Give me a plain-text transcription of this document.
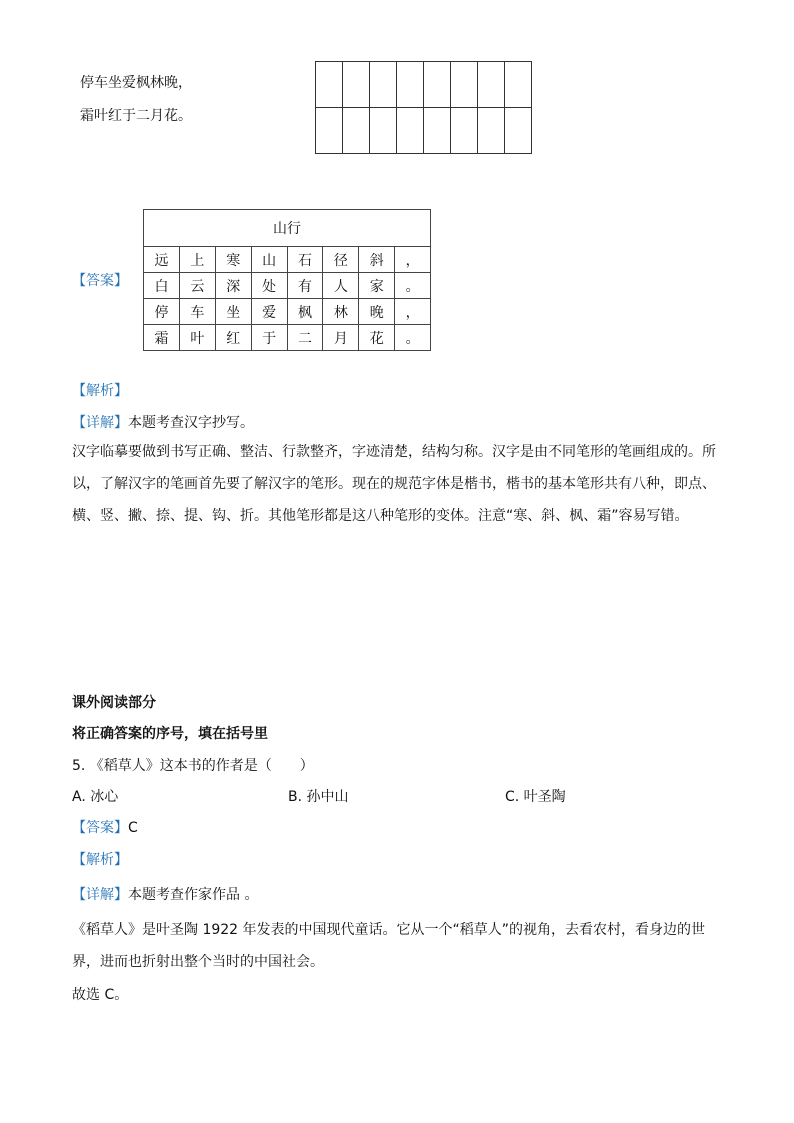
停车坐爱枫林晚，
霜叶红于二月花。

【答案】
山行							
远	上	寒	山	石	径	斜	，
白	云	深	处	有	人	家	。
停	车	坐	爱	枫	林	晚	，
霜	叶	红	于	二	月	花	。
【解析】
【详解】本题考查汉字抄写。
汉字临摹要做到书写正确、整洁、行款整齐，字迹清楚，结构匀称。汉字是由不同笔形的笔画组成的。所以，了解汉字的笔画首先要了解汉字的笔形。现在的规范字体是楷书，楷书的基本笔形共有八种，即点、横、竖、撇、捺、提、钩、折。其他笔形都是这八种笔形的变体。注意“寒、斜、枫、霜”容易写错。
课外阅读部分
将正确答案的序号，填在括号里
5. 《稻草人》这本书的作者是（　　）
A. 冰心	B. 孙中山	C. 叶圣陶
【答案】C
【解析】
【详解】本题考查作家作品 。
《稻草人》是叶圣陶 1922 年发表的中国现代童话。它从一个“稻草人”的视角，去看农村，看身边的世界，进而也折射出整个当时的中国社会。
故选 C。
